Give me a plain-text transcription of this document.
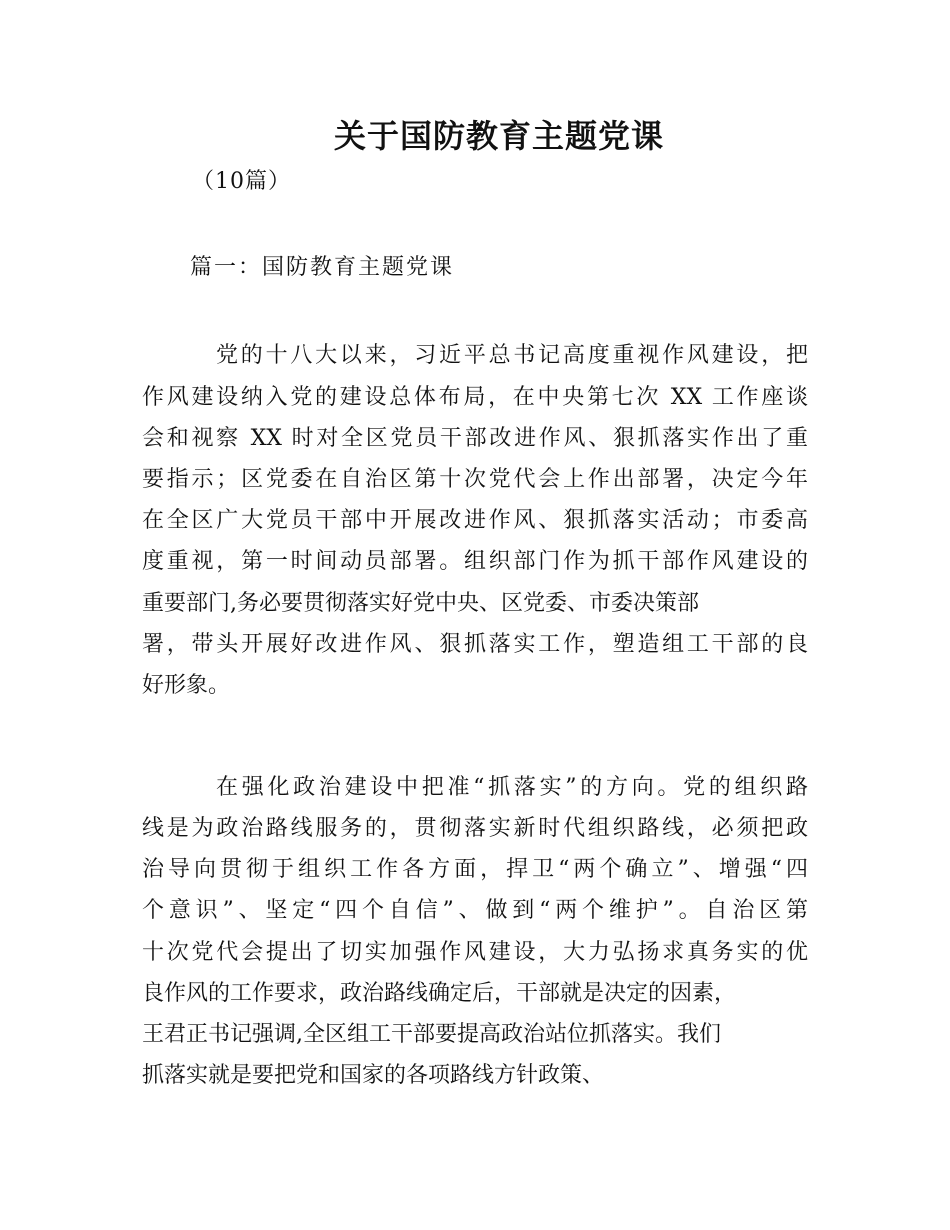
关于国防教育主题党课
（10篇）
篇一：国防教育主题党课
党的十八大以来，习近平总书记高度重视作风建设，把
作风建设纳入党的建设总体布局，在中央第七次 XX 工作座谈
会和视察 XX 时对全区党员干部改进作风、狠抓落实作出了重
要指示；区党委在自治区第十次党代会上作出部署，决定今年
在全区广大党员干部中开展改进作风、狠抓落实活动；市委高
度重视，第一时间动员部署。组织部门作为抓干部作风建设的
重要部门,务必要贯彻落实好党中央、区党委、市委决策部
署，带头开展好改进作风、狠抓落实工作，塑造组工干部的良
好形象。
在强化政治建设中把准“抓落实”的方向。党的组织路
线是为政治路线服务的，贯彻落实新时代组织路线，必须把政
治导向贯彻于组织工作各方面，捍卫“两个确立”、增强“四
个意识”、坚定“四个自信”、做到“两个维护”。自治区第
十次党代会提出了切实加强作风建设，大力弘扬求真务实的优
良作风的工作要求，政治路线确定后，干部就是决定的因素，
王君正书记强调,全区组工干部要提高政治站位抓落实。我们
抓落实就是要把党和国家的各项路线方针政策、
